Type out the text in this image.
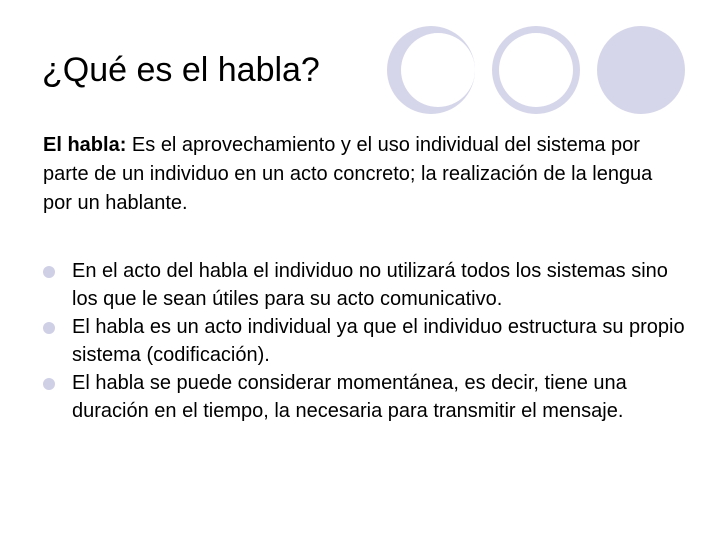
¿Qué es el habla?

El habla: Es el aprovechamiento y el uso individual del sistema por parte de un individuo en un acto concreto; la realización de la lengua por un hablante.

En el acto del habla el individuo no utilizará todos los sistemas sino los que le sean útiles para su acto comunicativo.
El habla es un acto individual ya que el individuo estructura su propio sistema (codificación).
El habla se puede considerar momentánea, es decir, tiene una duración en el tiempo, la necesaria para transmitir el mensaje.
